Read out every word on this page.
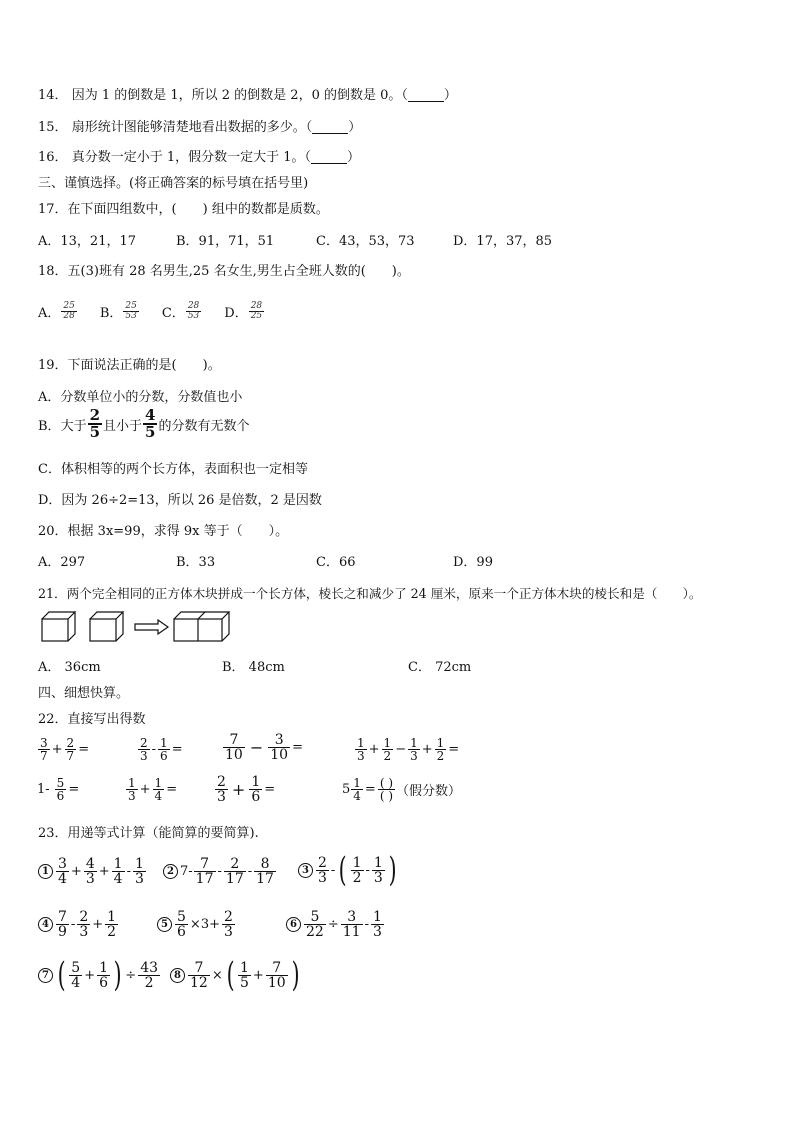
14． 因为 1 的倒数是 1，所以 2 的倒数是 2，0 的倒数是 0。（	）
15． 扇形统计图能够清楚地看出数据的多少。（	）
16． 真分数一定小于 1，假分数一定大于 1。（	）
三、谨慎选择。(将正确答案的标号填在括号里)
17．在下面四组数中，(　　) 组中的数都是质数。
A．13，21，17	B．91，71，51	C．43，53，73	D．17，37，85
18．五(3)班有 28 名男生,25 名女生,男生占全班人数的(　　)。
A． $\frac{25}{28}$ B． $\frac{25}{53}$ C． $\frac{28}{53}$ D． $\frac{28}{25}$
19．下面说法正确的是(　　)。
A．分数单位小的分数，分数值也小
B． 大于 $\frac{2}{5}$ 且小于 $\frac{4}{5}$ 的分数有无数个
C．体积相等的两个长方体，表面积也一定相等
D．因为 26÷2=13，所以 26 是倍数，2 是因数
20．根据 3x=99，求得 9x 等于（　　）。
A．297	B．33	C．66	D．99
21．两个完全相同的正方体木块拼成一个长方体，棱长之和减少了 24 厘米，原来一个正方体木块的棱长和是（　　）。
A． 36cm	B． 48cm	C． 72cm
四、细想快算。
22．直接写出得数
$\frac{3}{7} + \frac{2}{7}$ =	$\frac{2}{3} - \frac{1}{6}$ =	$\frac{7}{10} - \frac{3}{10}$ =	$\frac{1}{3} + \frac{1}{2} - \frac{1}{3} + \frac{1}{2}$ =
$1- \frac{5}{6}$ =	$\frac{1}{3} + \frac{1}{4}$ =	$\frac{2}{3} + \frac{1}{6}$ =	$5 \frac{1}{4} = \frac{( )}{( )}$ （假分数）
23．用递等式计算（能简算的要简算).
$1 \frac{3}{4} + \frac{4}{3} + \frac{1}{4} - \frac{1}{3}$	2 $7- \frac{7}{17} - \frac{2}{17} - \frac{8}{17}$	$3 \frac{2}{3}$ - ( $\frac{1}{2} - \frac{1}{3}$ )
$4 \frac{7}{9} - \frac{2}{3} + \frac{1}{2}$	$5 \frac{5}{6} \times 3+ \frac{2}{3}$	$6 \frac{5}{22} \div \frac{3}{11} - \frac{1}{3}$
7 ( $\frac{5}{4} + \frac{1}{6}$ ) ÷ $\frac{43}{2}$	$8 \frac{7}{12}$ × ( $\frac{1}{5} + \frac{7}{10}$ )
